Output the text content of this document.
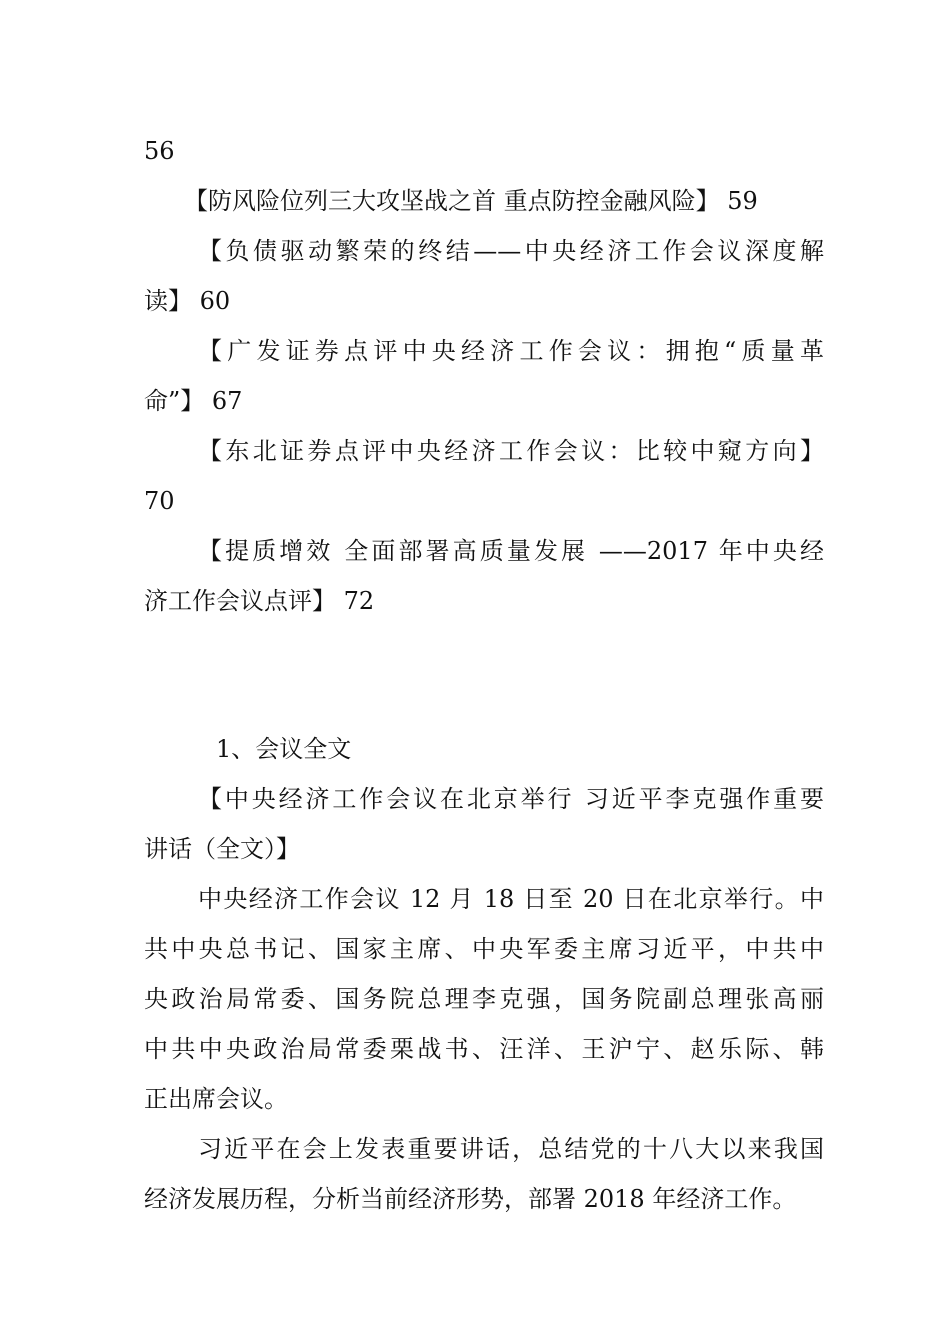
56
【防风险位列三大攻坚战之首 重点防控金融风险】 59
【负债驱动繁荣的终结——中央经济工作会议深度解
读】 60
【广发证券点评中央经济工作会议：拥抱“质量革
命”】 67
【东北证券点评中央经济工作会议：比较中窥方向】
70
【提质增效 全面部署高质量发展 ——2017 年中央经
济工作会议点评】 72
1、会议全文
【中央经济工作会议在北京举行 习近平李克强作重要
讲话（全文）】
中央经济工作会议 12 月 18 日至 20 日在北京举行。中
共中央总书记、国家主席、中央军委主席习近平，中共中
央政治局常委、国务院总理李克强，国务院副总理张高丽
中共中央政治局常委栗战书、汪洋、王沪宁、赵乐际、韩
正出席会议。
习近平在会上发表重要讲话，总结党的十八大以来我国
经济发展历程，分析当前经济形势，部署 2018 年经济工作。
